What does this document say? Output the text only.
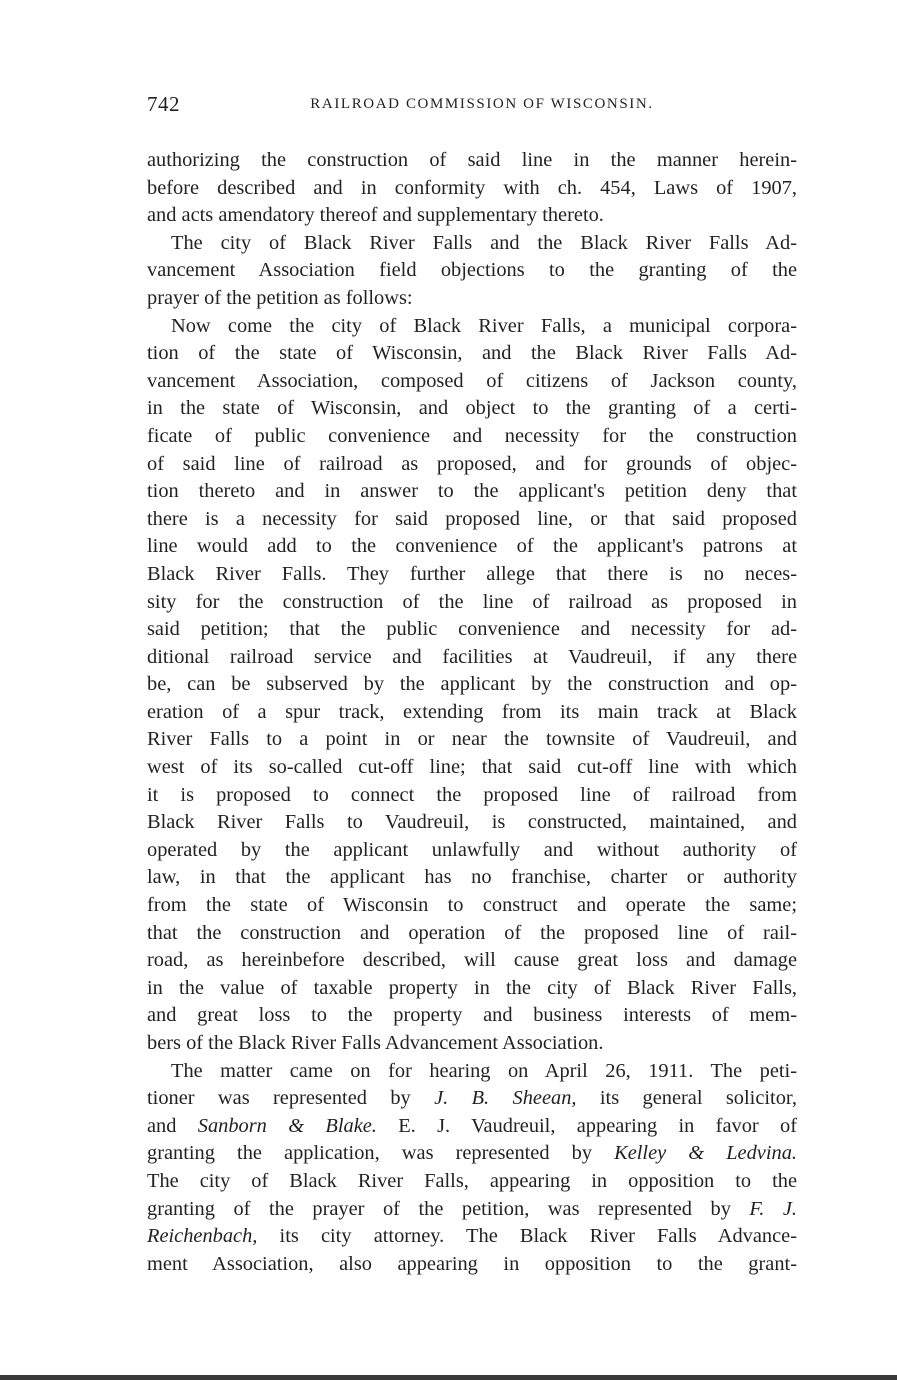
742	RAILROAD COMMISSION OF WISCONSIN.
authorizing the construction of said line in the manner herein-
before described and in conformity with ch. 454, Laws of 1907,
and acts amendatory thereof and supplementary thereto.
The city of Black River Falls and the Black River Falls Ad-
vancement Association field objections to the granting of the
prayer of the petition as follows:
Now come the city of Black River Falls, a municipal corpora-
tion of the state of Wisconsin, and the Black River Falls Ad-
vancement Association, composed of citizens of Jackson county,
in the state of Wisconsin, and object to the granting of a certi-
ficate of public convenience and necessity for the construction
of said line of railroad as proposed, and for grounds of objec-
tion thereto and in answer to the applicant's petition deny that
there is a necessity for said proposed line, or that said proposed
line would add to the convenience of the applicant's patrons at
Black River Falls. They further allege that there is no neces-
sity for the construction of the line of railroad as proposed in
said petition; that the public convenience and necessity for ad-
ditional railroad service and facilities at Vaudreuil, if any there
be, can be subserved by the applicant by the construction and op-
eration of a spur track, extending from its main track at Black
River Falls to a point in or near the townsite of Vaudreuil, and
west of its so-called cut-off line; that said cut-off line with which
it is proposed to connect the proposed line of railroad from
Black River Falls to Vaudreuil, is constructed, maintained, and
operated by the applicant unlawfully and without authority of
law, in that the applicant has no franchise, charter or authority
from the state of Wisconsin to construct and operate the same;
that the construction and operation of the proposed line of rail-
road, as hereinbefore described, will cause great loss and damage
in the value of taxable property in the city of Black River Falls,
and great loss to the property and business interests of mem-
bers of the Black River Falls Advancement Association.
The matter came on for hearing on April 26, 1911. The peti-
tioner was represented by J. B. Sheean, its general solicitor,
and Sanborn & Blake. E. J. Vaudreuil, appearing in favor of
granting the application, was represented by Kelley & Ledvina.
The city of Black River Falls, appearing in opposition to the
granting of the prayer of the petition, was represented by F. J.
Reichenbach, its city attorney. The Black River Falls Advance-
ment Association, also appearing in opposition to the grant-
